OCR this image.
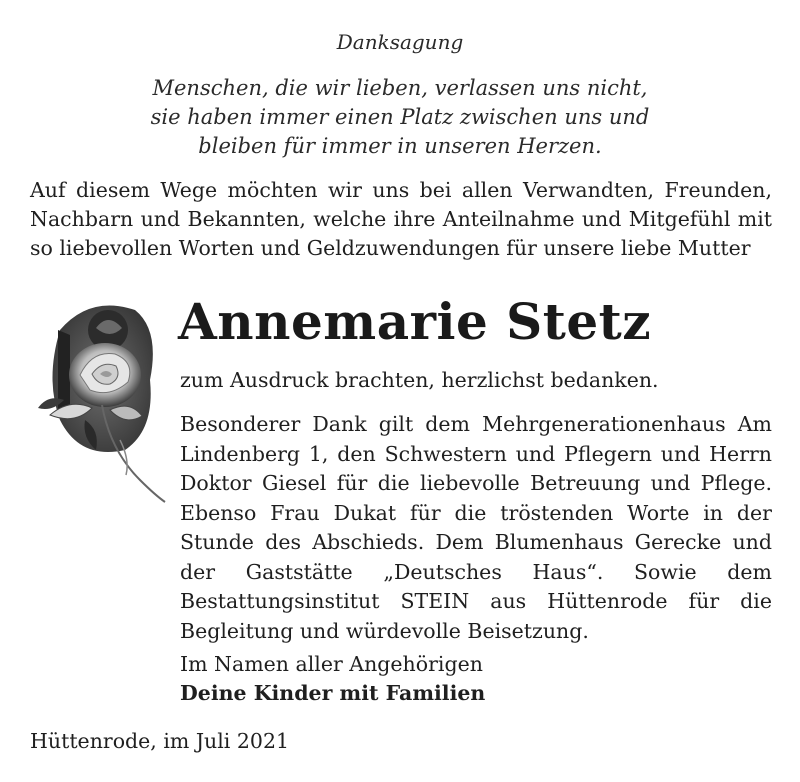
Danksagung
Menschen, die wir lieben, verlassen uns nicht,
sie haben immer einen Platz zwischen uns und
bleiben für immer in unseren Herzen.
Auf diesem Wege möchten wir uns bei allen Verwandten, Freunden, Nachbarn und Bekannten, welche ihre Anteilnahme und Mitgefühl mit so liebevollen Worten und Geldzuwendungen für unsere liebe Mutter
Annemarie Stetz
zum Ausdruck brachten, herzlichst bedanken.
Besonderer Dank gilt dem Mehrgenerationenhaus Am Lindenberg 1, den Schwestern und Pflegern und Herrn Doktor Giesel für die liebevolle Betreuung und Pflege. Ebenso Frau Dukat für die tröstenden Worte in der Stunde des Abschieds. Dem Blumenhaus Gerecke und der Gaststätte „Deutsches Haus“. Sowie dem Bestattungsinstitut STEIN aus Hüttenrode für die Begleitung und würdevolle Beisetzung.
Im Namen aller Angehörigen
Deine Kinder mit Familien
Hüttenrode, im Juli 2021
